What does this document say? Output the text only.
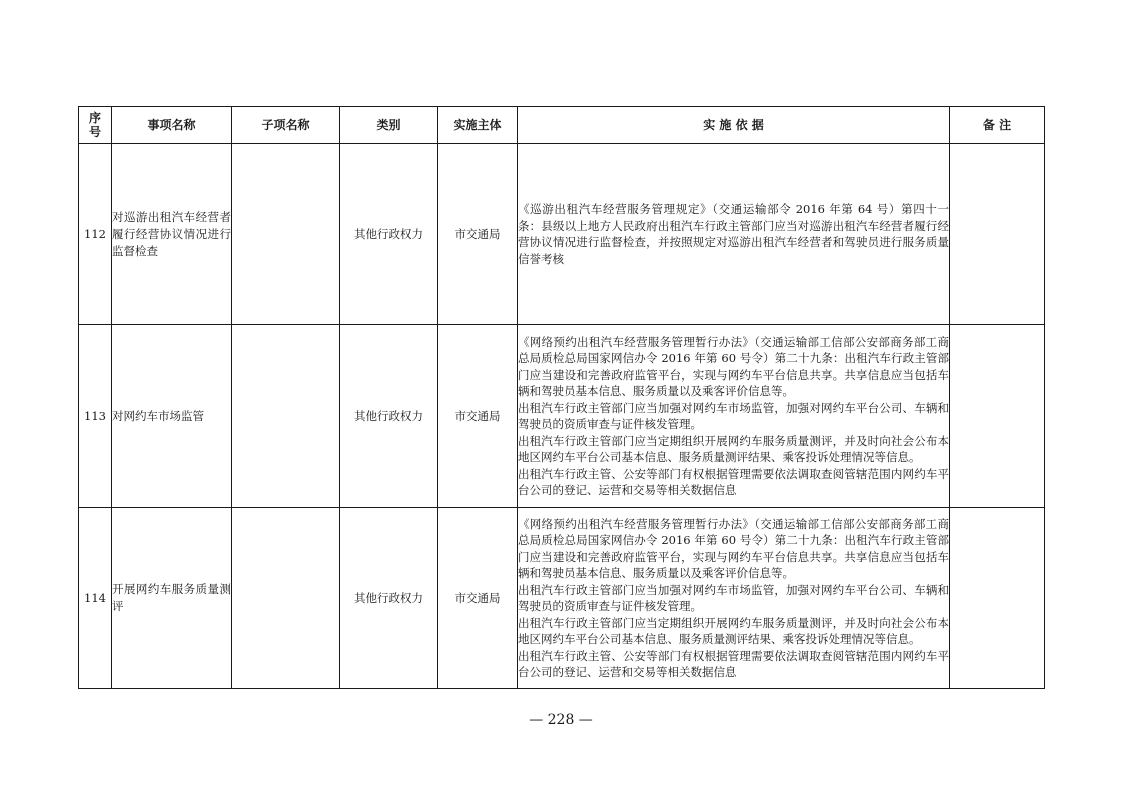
序号	事项名称	子项名称	类别	实施主体	实 施 依 据	备 注
112	对巡游出租汽车经营者履行经营协议情况进行监督检查		其他行政权力	市交通局	《巡游出租汽车经营服务管理规定》（交通运输部令 2016 年第 64 号）第四十一条：县级以上地方人民政府出租汽车行政主管部门应当对巡游出租汽车经营者履行经营协议情况进行监督检查，并按照规定对巡游出租汽车经营者和驾驶员进行服务质量信誉考核	

113	对网约车市场监管		其他行政权力	市交通局	《网络预约出租汽车经营服务管理暂行办法》（交通运输部工信部公安部商务部工商总局质检总局国家网信办令 2016 年第 60 号令）第二十九条：出租汽车行政主管部门应当建设和完善政府监管平台，实现与网约车平台信息共享。共享信息应当包括车辆和驾驶员基本信息、服务质量以及乘客评价信息等。
出租汽车行政主管部门应当加强对网约车市场监管，加强对网约车平台公司、车辆和驾驶员的资质审查与证件核发管理。
出租汽车行政主管部门应当定期组织开展网约车服务质量测评，并及时向社会公布本地区网约车平台公司基本信息、服务质量测评结果、乘客投诉处理情况等信息。
出租汽车行政主管、公安等部门有权根据管理需要依法调取查阅管辖范围内网约车平台公司的登记、运营和交易等相关数据信息	

114	开展网约车服务质量测评		其他行政权力	市交通局	《网络预约出租汽车经营服务管理暂行办法》（交通运输部工信部公安部商务部工商总局质检总局国家网信办令 2016 年第 60 号令）第二十九条：出租汽车行政主管部门应当建设和完善政府监管平台，实现与网约车平台信息共享。共享信息应当包括车辆和驾驶员基本信息、服务质量以及乘客评价信息等。
出租汽车行政主管部门应当加强对网约车市场监管，加强对网约车平台公司、车辆和驾驶员的资质审查与证件核发管理。
出租汽车行政主管部门应当定期组织开展网约车服务质量测评，并及时向社会公布本地区网约车平台公司基本信息、服务质量测评结果、乘客投诉处理情况等信息。
出租汽车行政主管、公安等部门有权根据管理需要依法调取查阅管辖范围内网约车平台公司的登记、运营和交易等相关数据信息	

— 228 —
